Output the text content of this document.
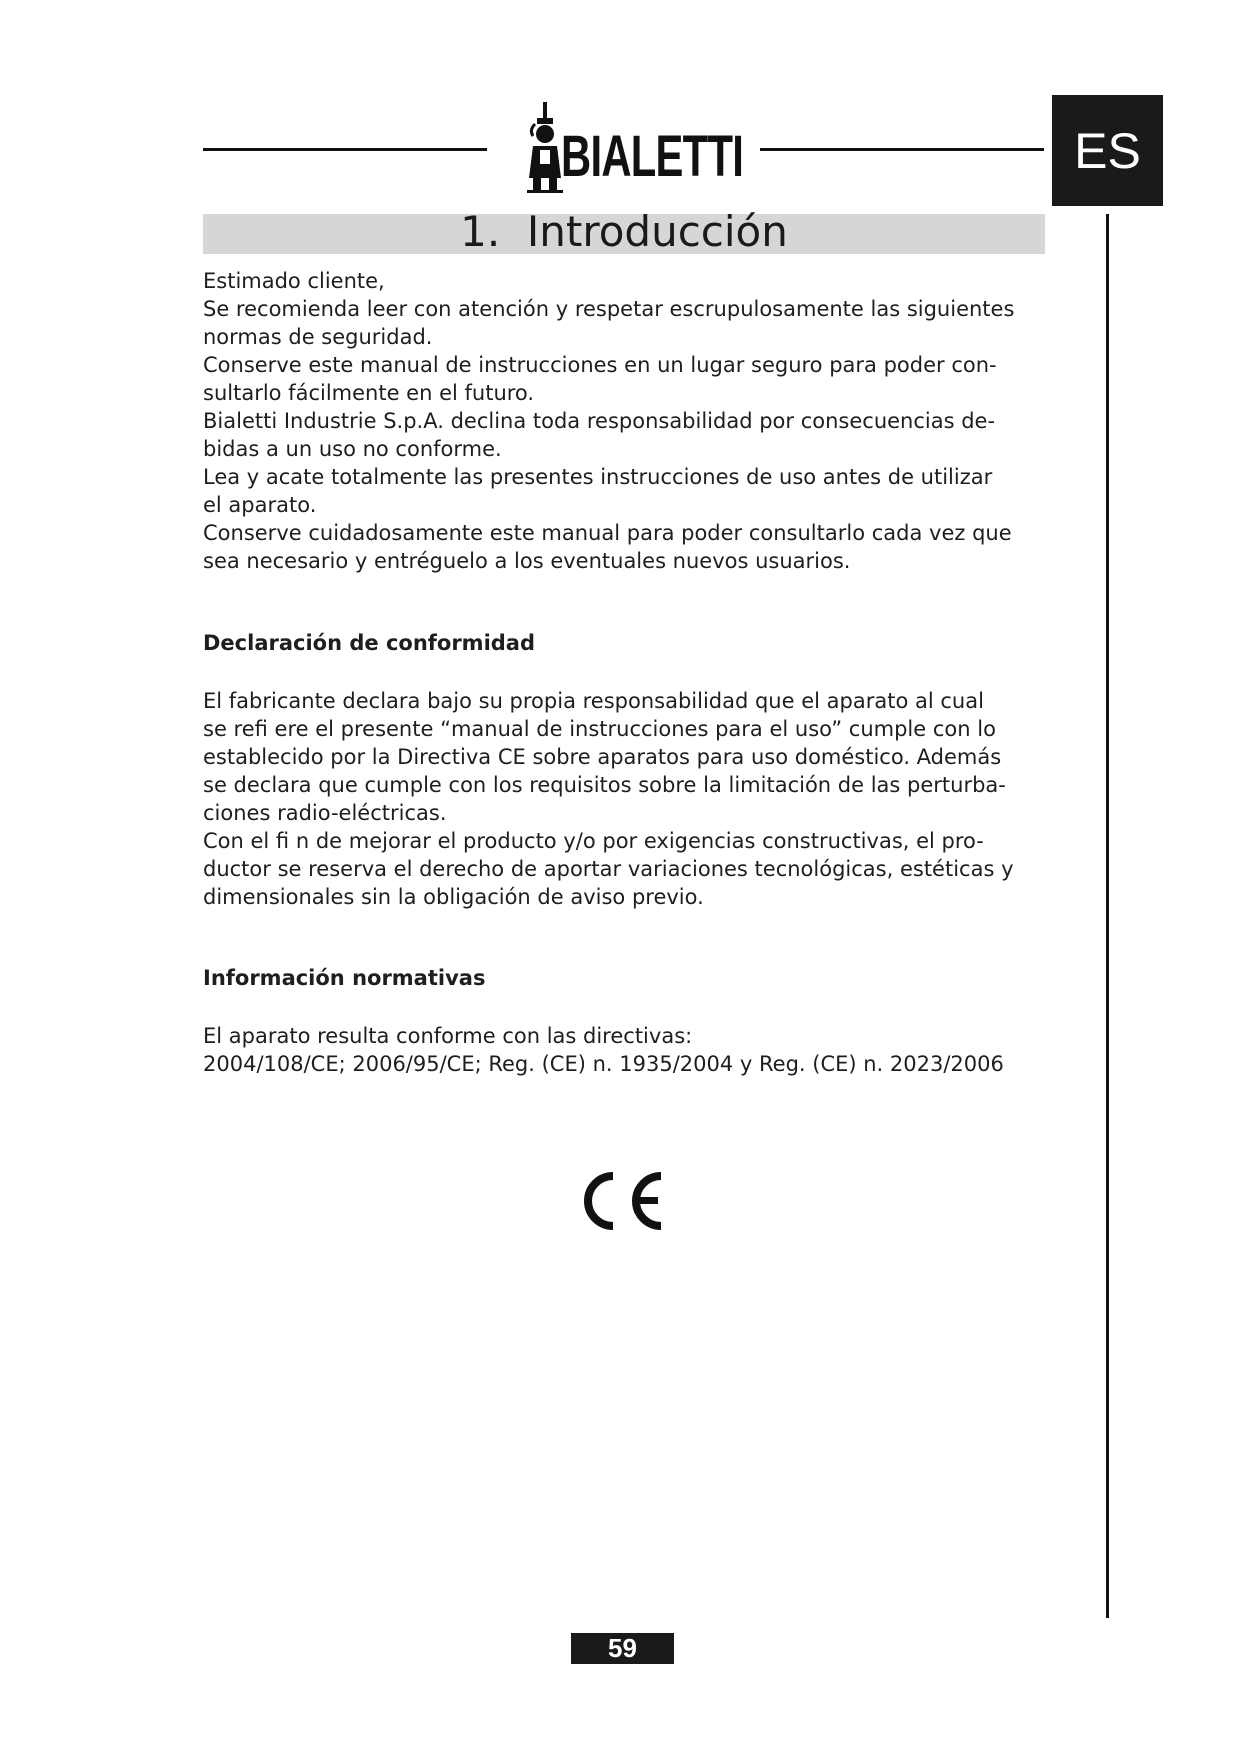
BIALETTI	ES
1. Introducción
Estimado cliente,
Se recomienda leer con atención y respetar escrupulosamente las siguientes
normas de seguridad.
Conserve este manual de instrucciones en un lugar seguro para poder con-
sultarlo fácilmente en el futuro.
Bialetti Industrie S.p.A. declina toda responsabilidad por consecuencias de-
bidas a un uso no conforme.
Lea y acate totalmente las presentes instrucciones de uso antes de utilizar
el aparato.
Conserve cuidadosamente este manual para poder consultarlo cada vez que
sea necesario y entréguelo a los eventuales nuevos usuarios.
Declaración de conformidad
El fabricante declara bajo su propia responsabilidad que el aparato al cual
se refi ere el presente “manual de instrucciones para el uso” cumple con lo
establecido por la Directiva CE sobre aparatos para uso doméstico. Además
se declara que cumple con los requisitos sobre la limitación de las perturba-
ciones radio-eléctricas.
Con el fi n de mejorar el producto y/o por exigencias constructivas, el pro-
ductor se reserva el derecho de aportar variaciones tecnológicas, estéticas y
dimensionales sin la obligación de aviso previo.
Información normativas
El aparato resulta conforme con las directivas:
2004/108/CE; 2006/95/CE; Reg. (CE) n. 1935/2004 y Reg. (CE) n. 2023/2006
59
